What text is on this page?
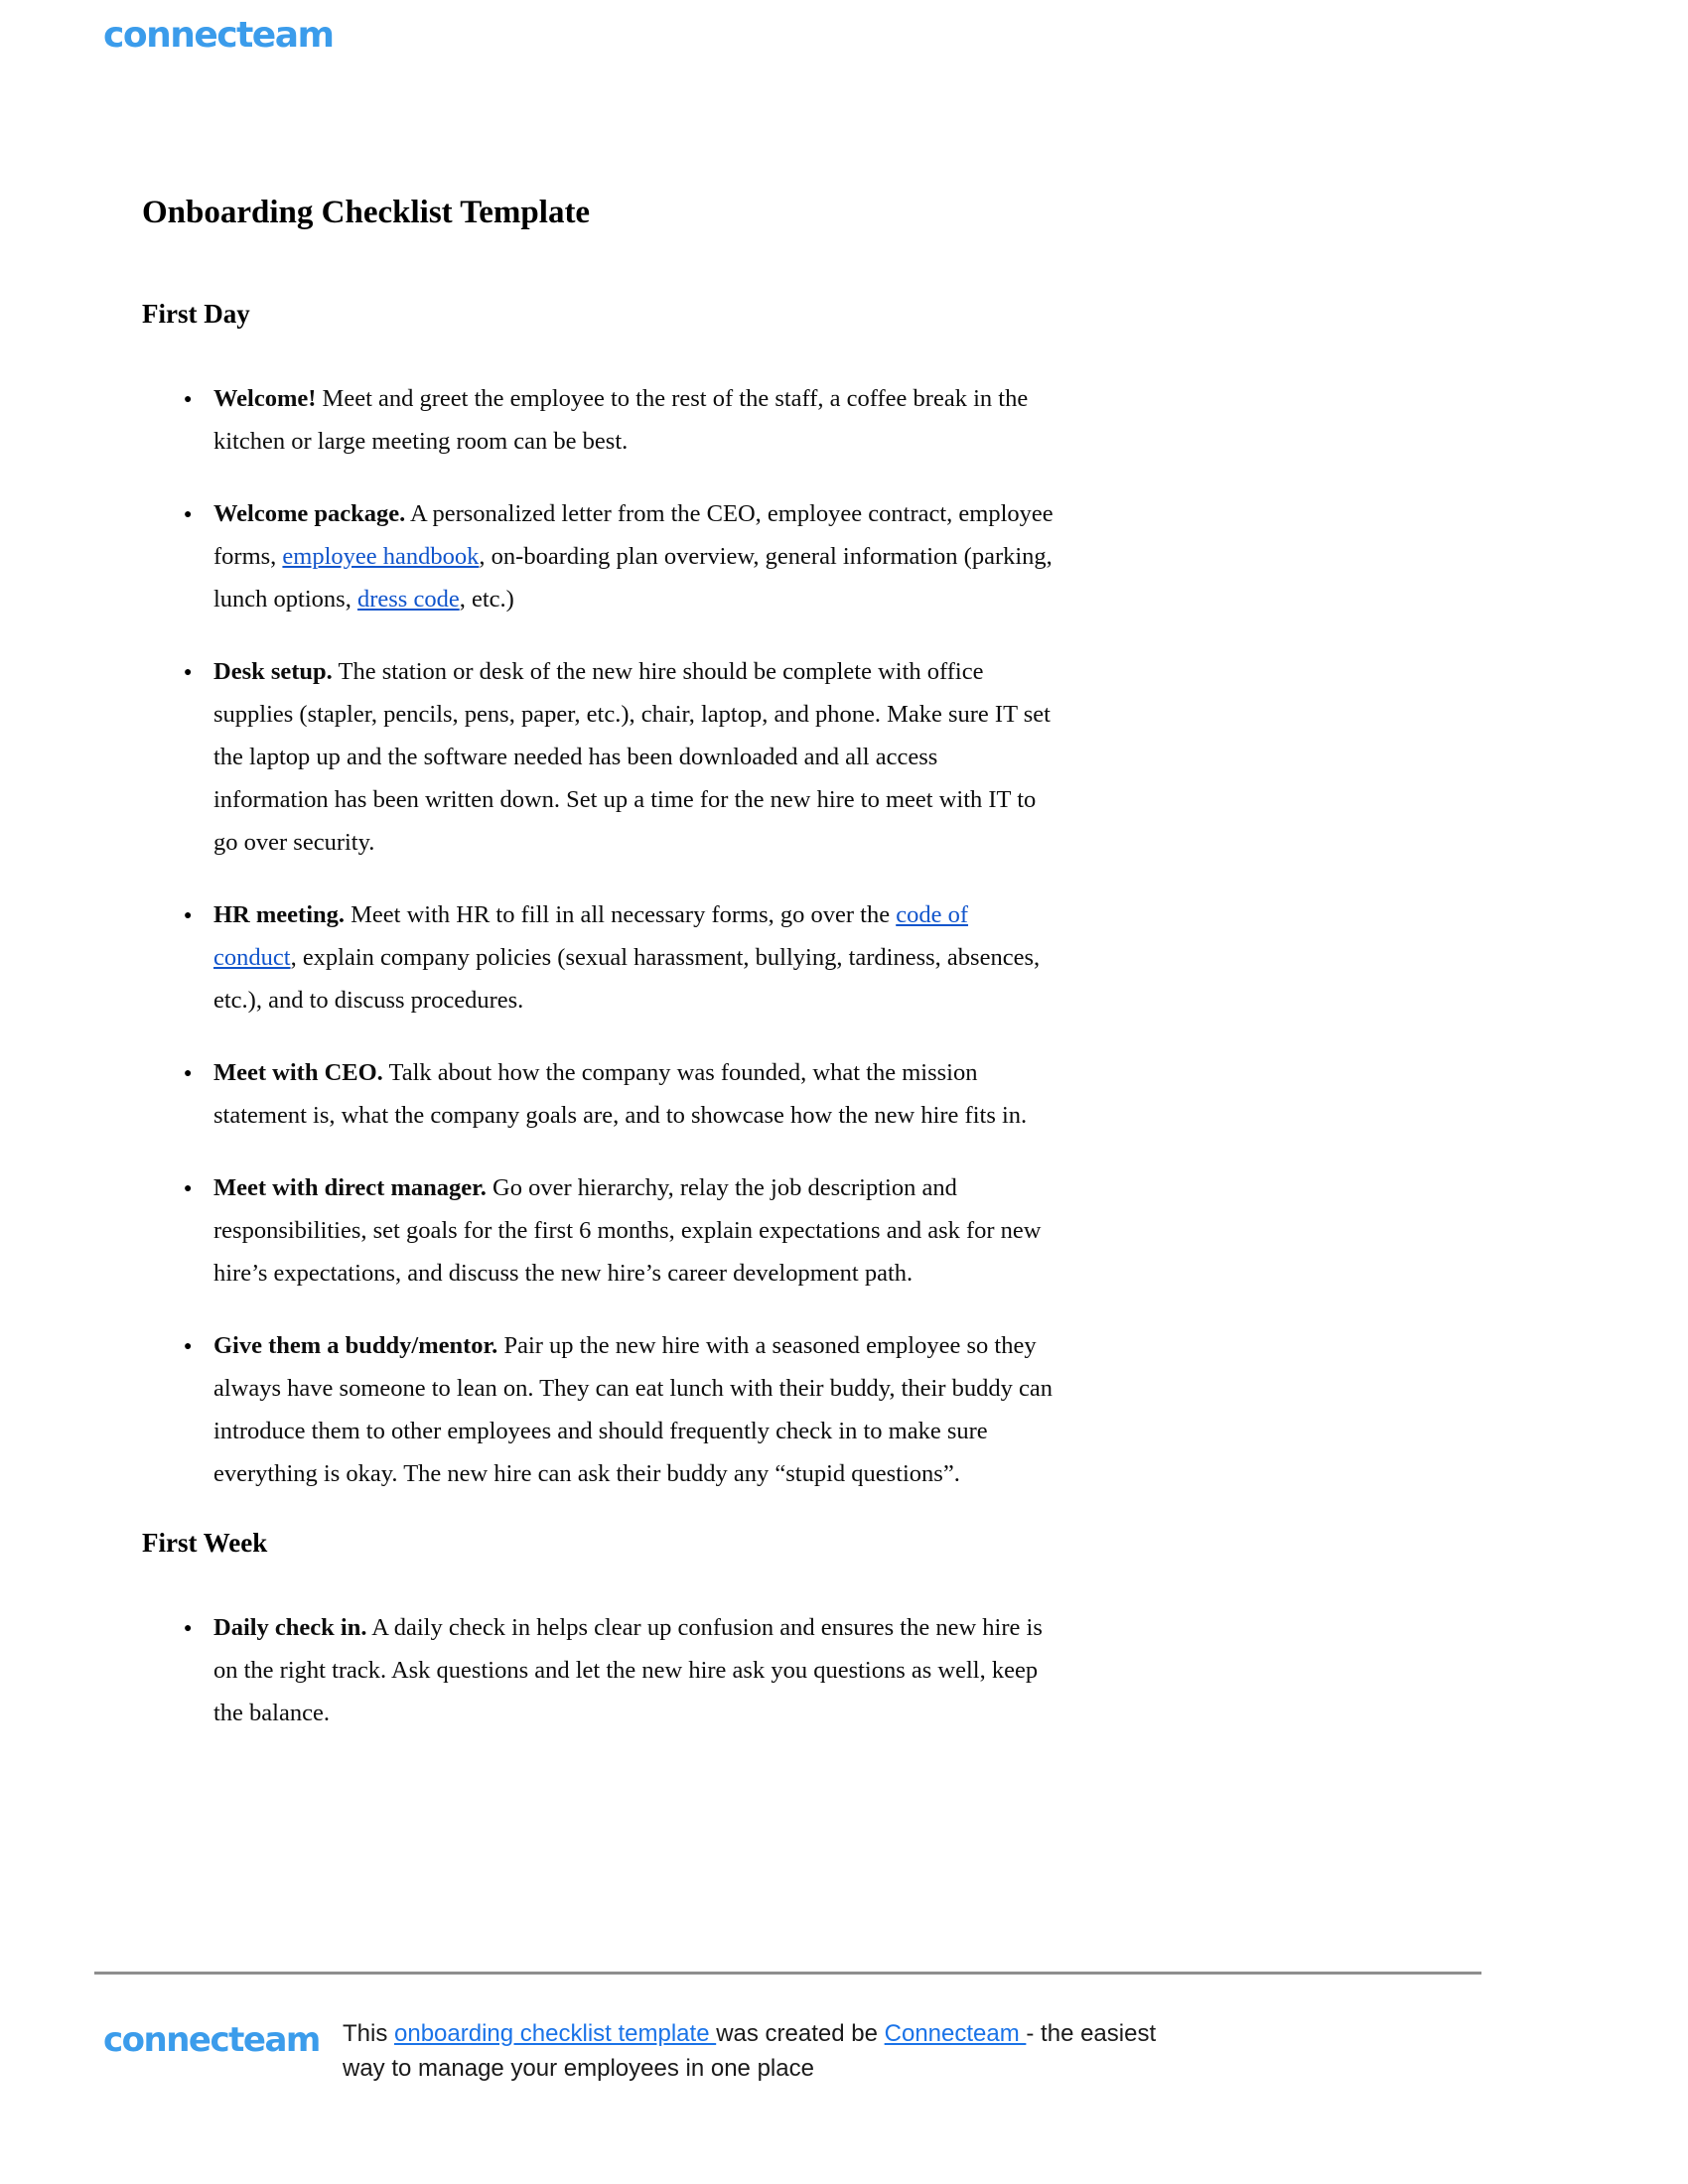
connecteam
Onboarding Checklist Template
First Day
● Welcome! Meet and greet the employee to the rest of the staff, a coffee break in the kitchen or large meeting room can be best.
● Welcome package. A personalized letter from the CEO, employee contract, employee forms, employee handbook, on-boarding plan overview, general information (parking, lunch options, dress code, etc.)
● Desk setup. The station or desk of the new hire should be complete with office supplies (stapler, pencils, pens, paper, etc.), chair, laptop, and phone. Make sure IT set the laptop up and the software needed has been downloaded and all access information has been written down. Set up a time for the new hire to meet with IT to go over security.
● HR meeting. Meet with HR to fill in all necessary forms, go over the code of conduct, explain company policies (sexual harassment, bullying, tardiness, absences, etc.), and to discuss procedures.
● Meet with CEO. Talk about how the company was founded, what the mission statement is, what the company goals are, and to showcase how the new hire fits in.
● Meet with direct manager. Go over hierarchy, relay the job description and responsibilities, set goals for the first 6 months, explain expectations and ask for new hire’s expectations, and discuss the new hire’s career development path.
● Give them a buddy/mentor. Pair up the new hire with a seasoned employee so they always have someone to lean on. They can eat lunch with their buddy, their buddy can introduce them to other employees and should frequently check in to make sure everything is okay. The new hire can ask their buddy any “stupid questions”.
First Week
● Daily check in. A daily check in helps clear up confusion and ensures the new hire is on the right track. Ask questions and let the new hire ask you questions as well, keep the balance.
connecteam This onboarding checklist template was created be Connecteam - the easiest way to manage your employees in one place
